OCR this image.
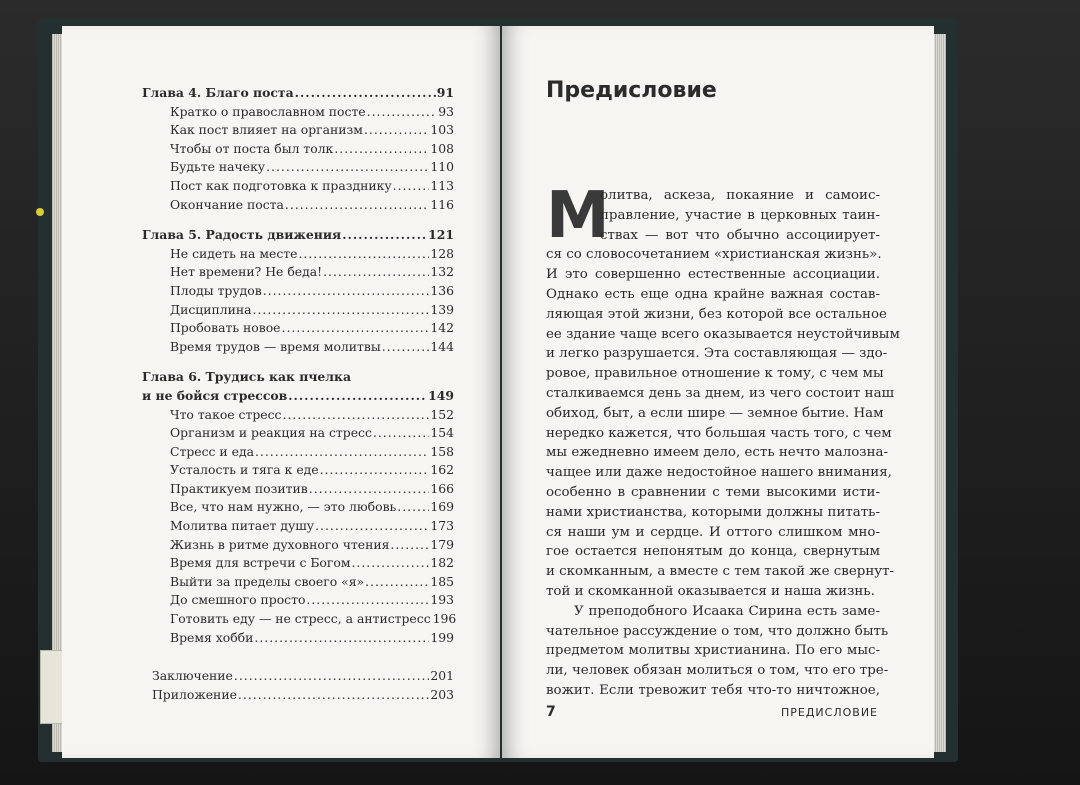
Глава 4. Благо поста .....	91
Кратко о православном посте .....	93
Как пост влияет на организм .....	103
Чтобы от поста был толк .....	108
Будьте начеку .....	110
Пост как подготовка к празднику .....	113
Окончание поста .....	116
Глава 5. Радость движения .....	121
Не сидеть на месте .....	128
Нет времени? Не беда! .....	132
Плоды трудов .....	136
Дисциплина .....	139
Пробовать новое .....	142
Время трудов — время молитвы .....	144
Глава 6. Трудись как пчелка
и не бойся стрессов .....	149
Что такое стресс .....	152
Организм и реакция на стресс .....	154
Стресс и еда .....	158
Усталость и тяга к еде .....	162
Практикуем позитив .....	166
Все, что нам нужно, — это любовь .....	169
Молитва питает душу .....	173
Жизнь в ритме духовного чтения .....	179
Время для встречи с Богом .....	182
Выйти за пределы своего «я» .....	185
До смешного просто .....	193
Готовить еду — не стресс, а антистресс 196
Время хобби .....	199
Заключение .....	201
Приложение .....	203
Предисловие
М
олитва, аскеза, покаяние и самоис-
правление, участие в церковных таин-
ствах — вот что обычно ассоциирует-
ся со словосочетанием «христианская жизнь».
И это совершенно естественные ассоциации.
Однако есть еще одна крайне важная состав-
ляющая этой жизни, без которой все остальное
ее здание чаще всего оказывается неустойчивым
и легко разрушается. Эта составляющая — здо-
ровое, правильное отношение к тому, с чем мы
сталкиваемся день за днем, из чего состоит наш
обиход, быт, а если шире — земное бытие. Нам
нередко кажется, что большая часть того, с чем
мы ежедневно имеем дело, есть нечто малозна-
чащее или даже недостойное нашего внимания,
особенно в сравнении с теми высокими исти-
нами христианства, которыми должны питать-
ся наши ум и сердце. И оттого слишком мно-
гое остается непонятым до конца, свернутым
и скомканным, а вместе с тем такой же свернут-
той и скомканной оказывается и наша жизнь.
У преподобного Исаака Сирина есть заме-
чательное рассуждение о том, что должно быть
предметом молитвы христианина. По его мыс-
ли, человек обязан молиться о том, что его тре-
вожит. Если тревожит тебя что-то ничтожное,
7	ПРЕДИСЛОВИЕ
